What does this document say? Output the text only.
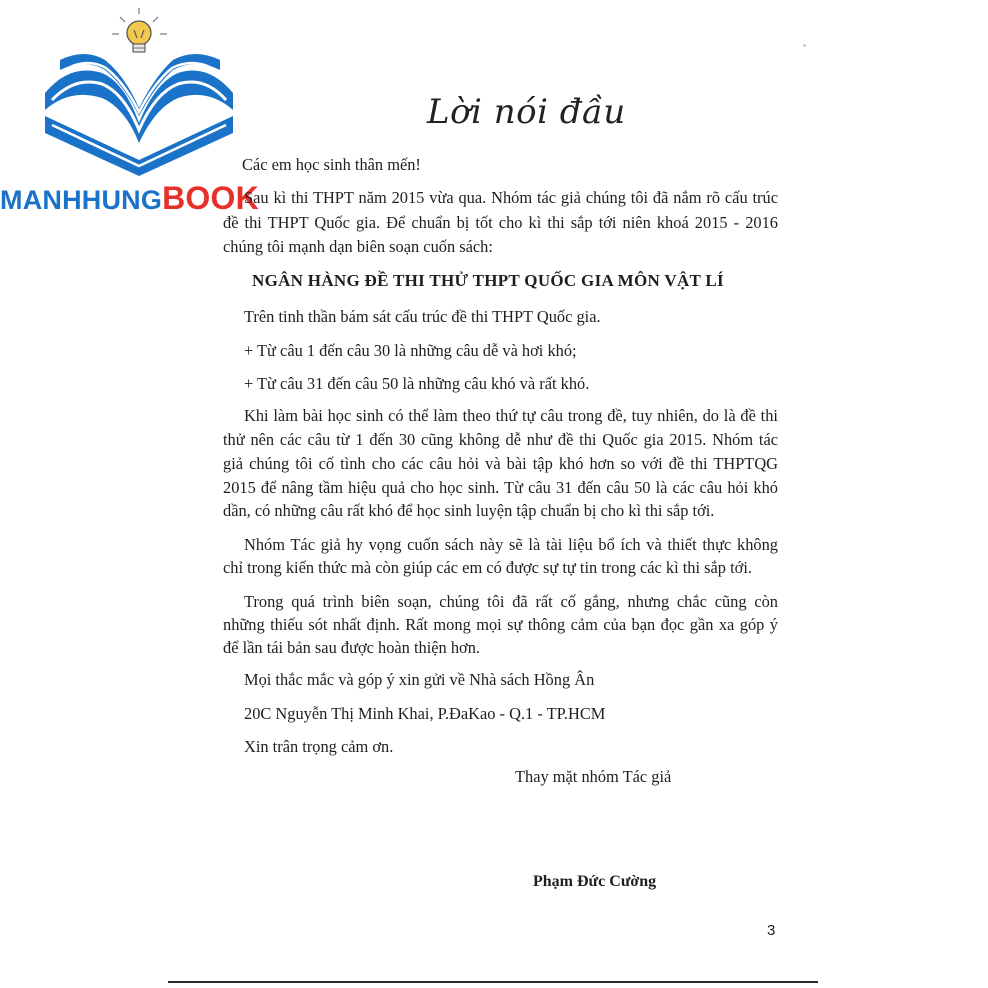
MANHHUNGBOOK
Lời nói đầu
Các em học sinh thân mến!
Sau kì thi THPT năm 2015 vừa qua. Nhóm tác giả chúng tôi đã nắm rõ cấu trúc
đề thi THPT Quốc gia. Để chuẩn bị tốt cho kì thi sắp tới niên khoá 2015 - 2016
chúng tôi mạnh dạn biên soạn cuốn sách:
NGÂN HÀNG ĐỀ THI THỬ THPT QUỐC GIA MÔN VẬT LÍ
Trên tinh thần bám sát cấu trúc đề thi THPT Quốc gia.
+ Từ câu 1 đến câu 30 là những câu dễ và hơi khó;
+ Từ câu 31 đến câu 50 là những câu khó và rất khó.
Khi làm bài học sinh có thể làm theo thứ tự câu trong đề, tuy nhiên, do là đề thi
thử nên các câu từ 1 đến 30 cũng không dễ như đề thi Quốc gia 2015. Nhóm tác
giả chúng tôi cố tình cho các câu hỏi và bài tập khó hơn so với đề thi THPTQG
2015 để nâng tầm hiệu quả cho học sinh. Từ câu 31 đến câu 50 là các câu hỏi khó
dần, có những câu rất khó để học sinh luyện tập chuẩn bị cho kì thi sắp tới.
Nhóm Tác giả hy vọng cuốn sách này sẽ là tài liệu bổ ích và thiết thực không
chỉ trong kiến thức mà còn giúp các em có được sự tự tin trong các kì thi sắp tới.
Trong quá trình biên soạn, chúng tôi đã rất cố gắng, nhưng chắc cũng còn
những thiếu sót nhất định. Rất mong mọi sự thông cảm của bạn đọc gần xa góp ý
để lần tái bản sau được hoàn thiện hơn.
Mọi thắc mắc và góp ý xin gửi về Nhà sách Hồng Ân
20C Nguyễn Thị Minh Khai, P.ĐaKao - Q.1 - TP.HCM
Xin trân trọng cảm ơn.
Thay mặt nhóm Tác giả
Phạm Đức Cường
3
